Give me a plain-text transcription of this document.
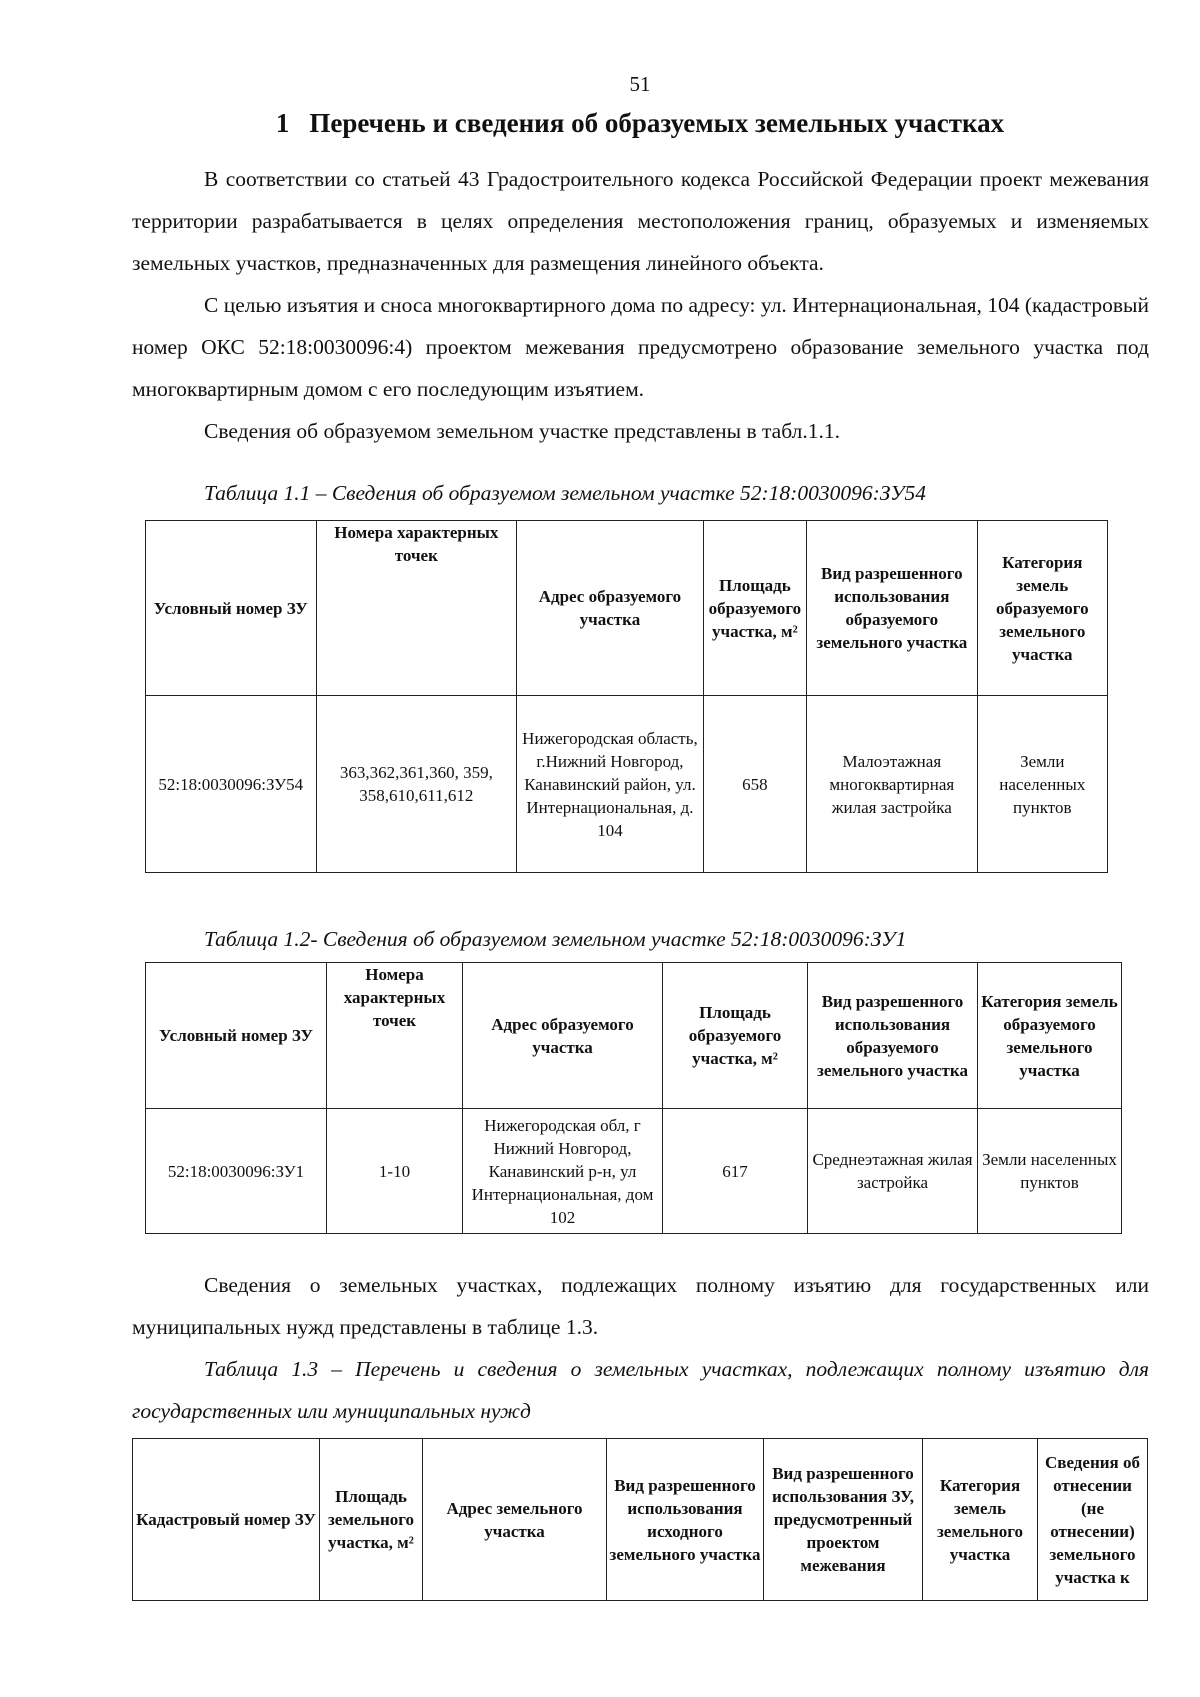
51
1 Перечень и сведения об образуемых земельных участках

В соответствии со статьей 43 Градостроительного кодекса Российской Федерации проект межевания территории разрабатывается в целях определения местоположения границ, образуемых и изменяемых земельных участков, предназначенных для размещения линейного объекта.

С целью изъятия и сноса многоквартирного дома по адресу: ул. Интернациональная, 104 (кадастровый номер ОКС 52:18:0030096:4) проектом межевания предусмотрено образование земельного участка под многоквартирным домом с его последующим изъятием.

Сведения об образуемом земельном участке представлены в табл.1.1.

Таблица 1.1 – Сведения об образуемом земельном участке 52:18:0030096:ЗУ54

Условный номер ЗУ	Номера характерных точек	Адрес образуемого участка	Площадь образуемого участка, м²	Вид разрешенного использования образуемого земельного участка	Категория земель образуемого земельного участка
52:18:0030096:ЗУ54	363,362,361,360, 359, 358,610,611,612	Нижегородская область, г.Нижний Новгород, Канавинский район, ул. Интернациональная, д. 104	658	Малоэтажная многоквартирная жилая застройка	Земли населенных пунктов

Таблица 1.2- Сведения об образуемом земельном участке 52:18:0030096:ЗУ1

Условный номер ЗУ	Номера характерных точек	Адрес образуемого участка	Площадь образуемого участка, м²	Вид разрешенного использования образуемого земельного участка	Категория земель образуемого земельного участка
52:18:0030096:ЗУ1	1-10	Нижегородская обл, г Нижний Новгород, Канавинский р-н, ул Интернациональная, дом 102	617	Среднеэтажная жилая застройка	Земли населенных пунктов

Сведения о земельных участках, подлежащих полному изъятию для государственных или муниципальных нужд представлены в таблице 1.3.

Таблица 1.3 – Перечень и сведения о земельных участках, подлежащих полному изъятию для государственных или муниципальных нужд

Кадастровый номер ЗУ	Площадь земельного участка, м²	Адрес земельного участка	Вид разрешенного использования исходного земельного участка	Вид разрешенного использования ЗУ, предусмотренный проектом межевания	Категория земель земельного участка	Сведения об отнесении (не отнесении) земельного участка к
